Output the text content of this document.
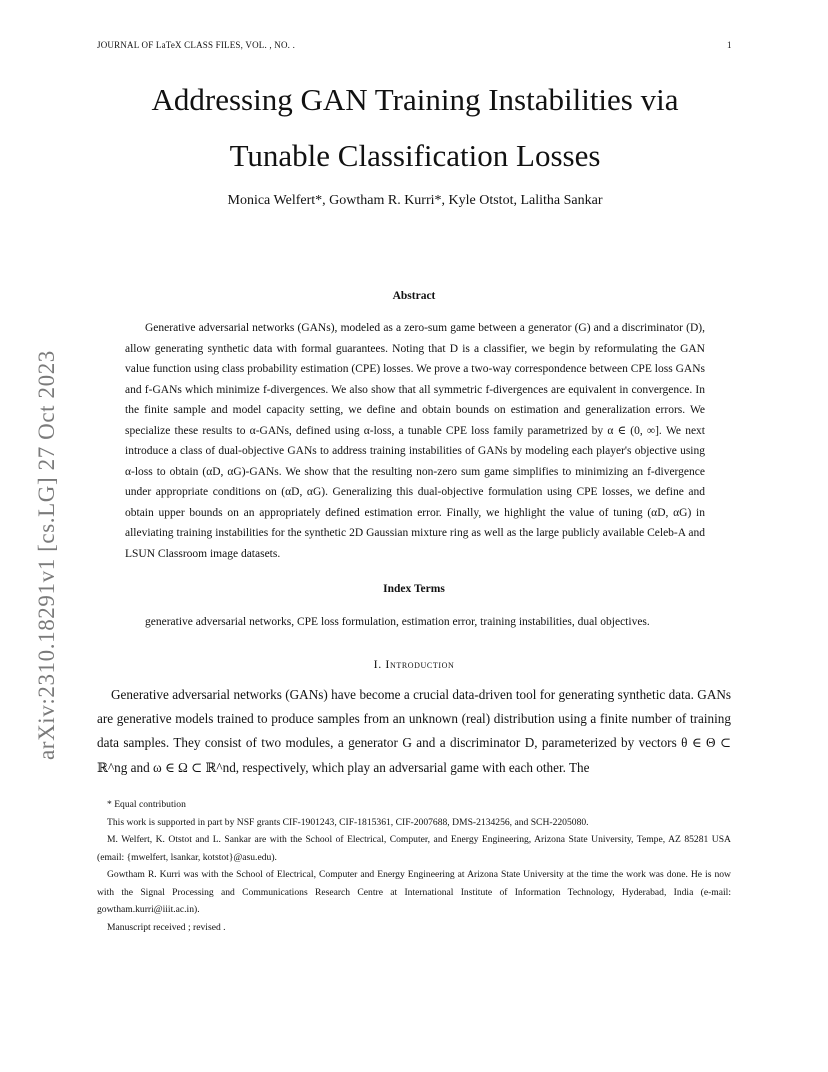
JOURNAL OF LaTeX CLASS FILES, VOL. , NO. .	1
arXiv:2310.18291v1 [cs.LG] 27 Oct 2023
Addressing GAN Training Instabilities via Tunable Classification Losses
Monica Welfert*, Gowtham R. Kurri*, Kyle Otstot, Lalitha Sankar
Abstract

Generative adversarial networks (GANs), modeled as a zero-sum game between a generator (G) and a discriminator (D), allow generating synthetic data with formal guarantees. Noting that D is a classifier, we begin by reformulating the GAN value function using class probability estimation (CPE) losses. We prove a two-way correspondence between CPE loss GANs and f-GANs which minimize f-divergences. We also show that all symmetric f-divergences are equivalent in convergence. In the finite sample and model capacity setting, we define and obtain bounds on estimation and generalization errors. We specialize these results to α-GANs, defined using α-loss, a tunable CPE loss family parametrized by α ∈ (0, ∞]. We next introduce a class of dual-objective GANs to address training instabilities of GANs by modeling each player's objective using α-loss to obtain (αD, αG)-GANs. We show that the resulting non-zero sum game simplifies to minimizing an f-divergence under appropriate conditions on (αD, αG). Generalizing this dual-objective formulation using CPE losses, we define and obtain upper bounds on an appropriately defined estimation error. Finally, we highlight the value of tuning (αD, αG) in alleviating training instabilities for the synthetic 2D Gaussian mixture ring as well as the large publicly available Celeb-A and LSUN Classroom image datasets.

Index Terms

generative adversarial networks, CPE loss formulation, estimation error, training instabilities, dual objectives.

I. Introduction

Generative adversarial networks (GANs) have become a crucial data-driven tool for generating synthetic data. GANs are generative models trained to produce samples from an unknown (real) distribution using a finite number of training data samples. They consist of two modules, a generator G and a discriminator D, parameterized by vectors θ ∈ Θ ⊂ ℝ^ng and ω ∈ Ω ⊂ ℝ^nd, respectively, which play an adversarial game with each other. The

* Equal contribution

This work is supported in part by NSF grants CIF-1901243, CIF-1815361, CIF-2007688, DMS-2134256, and SCH-2205080.

M. Welfert, K. Otstot and L. Sankar are with the School of Electrical, Computer, and Energy Engineering, Arizona State University, Tempe, AZ 85281 USA (email: {mwelfert, lsankar, kotstot}@asu.edu).

Gowtham R. Kurri was with the School of Electrical, Computer and Energy Engineering at Arizona State University at the time the work was done. He is now with the Signal Processing and Communications Research Centre at International Institute of Information Technology, Hyderabad, India (e-mail: gowtham.kurri@iiit.ac.in).

Manuscript received ; revised .
